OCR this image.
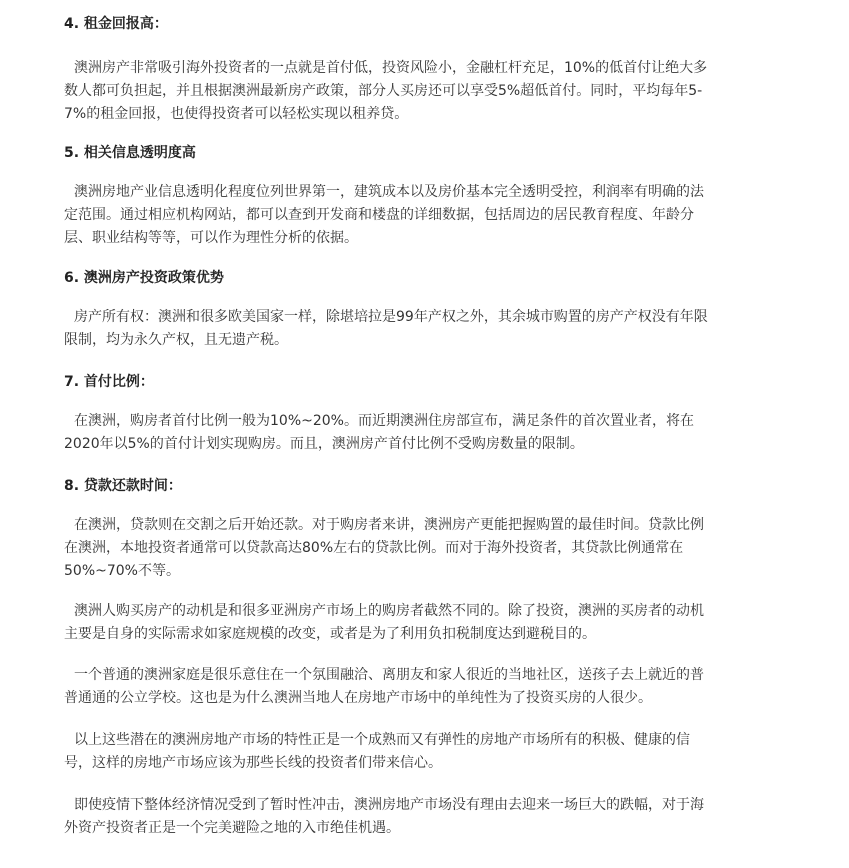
4. 租金回报高：
澳洲房产非常吸引海外投资者的一点就是首付低，投资风险小，金融杠杆充足，10%的低首付让绝大多
数人都可负担起，并且根据澳洲最新房产政策，部分人买房还可以享受5%超低首付。同时，平均每年5-
7%的租金回报，也使得投资者可以轻松实现以租养贷。
5. 相关信息透明度高
澳洲房地产业信息透明化程度位列世界第一，建筑成本以及房价基本完全透明受控，利润率有明确的法
定范围。通过相应机构网站，都可以查到开发商和楼盘的详细数据，包括周边的居民教育程度、年龄分
层、职业结构等等，可以作为理性分析的依据。
6. 澳洲房产投资政策优势
房产所有权：澳洲和很多欧美国家一样，除堪培拉是99年产权之外，其余城市购置的房产产权没有年限
限制，均为永久产权，且无遗产税。
7. 首付比例：
在澳洲，购房者首付比例一般为10%~20%。而近期澳洲住房部宣布，满足条件的首次置业者，将在
2020年以5%的首付计划实现购房。而且，澳洲房产首付比例不受购房数量的限制。
8. 贷款还款时间：
在澳洲，贷款则在交割之后开始还款。对于购房者来讲，澳洲房产更能把握购置的最佳时间。贷款比例
在澳洲，本地投资者通常可以贷款高达80%左右的贷款比例。而对于海外投资者，其贷款比例通常在
50%~70%不等。
澳洲人购买房产的动机是和很多亚洲房产市场上的购房者截然不同的。除了投资，澳洲的买房者的动机
主要是自身的实际需求如家庭规模的改变，或者是为了利用负扣税制度达到避税目的。
一个普通的澳洲家庭是很乐意住在一个氛围融洽、离朋友和家人很近的当地社区，送孩子去上就近的普
普通通的公立学校。这也是为什么澳洲当地人在房地产市场中的单纯性为了投资买房的人很少。
以上这些潜在的澳洲房地产市场的特性正是一个成熟而又有弹性的房地产市场所有的积极、健康的信
号，这样的房地产市场应该为那些长线的投资者们带来信心。
即使疫情下整体经济情况受到了暂时性冲击，澳洲房地产市场没有理由去迎来一场巨大的跌幅，对于海
外资产投资者正是一个完美避险之地的入市绝佳机遇。
